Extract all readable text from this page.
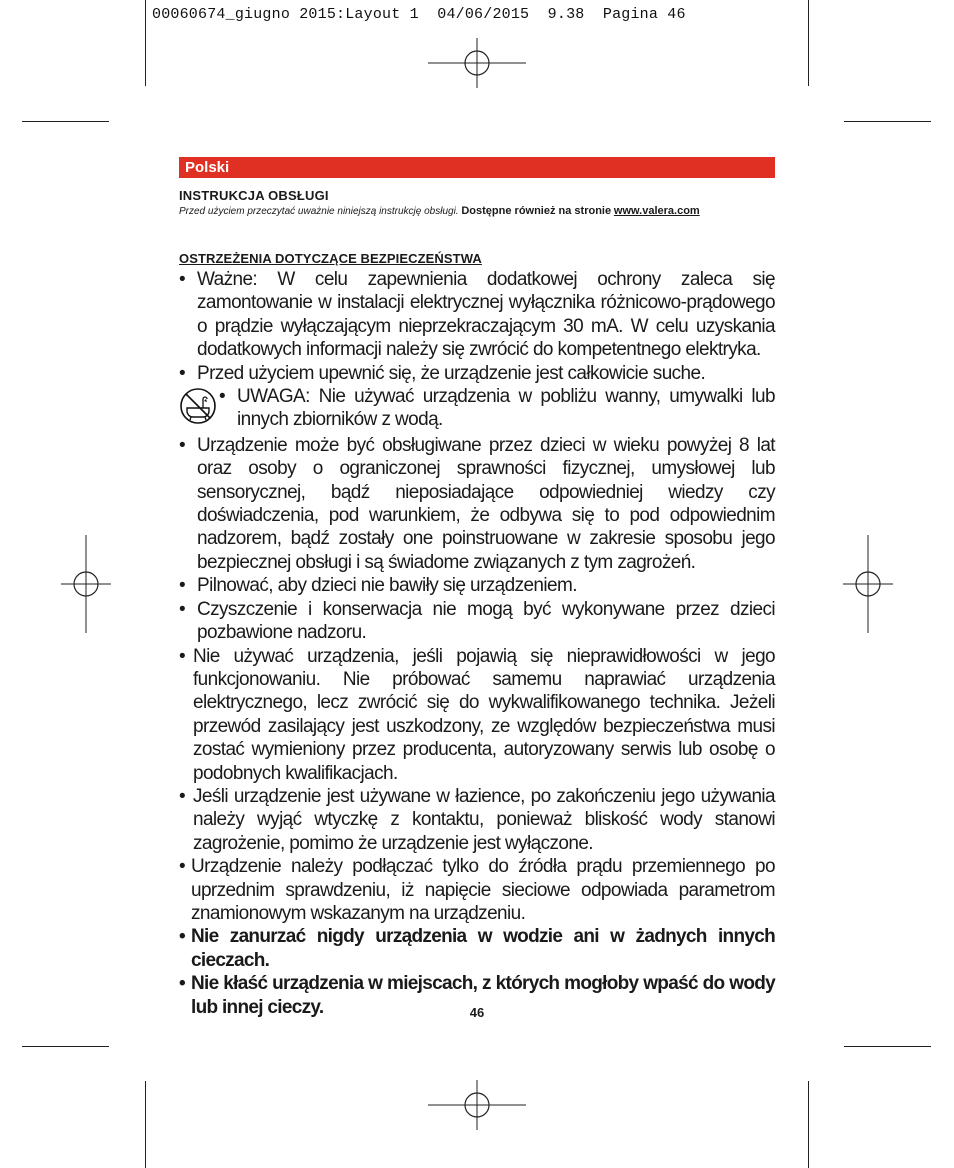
00060674_giugno 2015:Layout 1  04/06/2015  9.38  Pagina 46
Polski
INSTRUKCJA OBSŁUGI
Przed użyciem przeczytać uważnie niniejszą instrukcję obsługi. Dostępne również na stronie www.valera.com
OSTRZEŻENIA DOTYCZĄCE BEZPIECZEŃSTWA
• Ważne: W celu zapewnienia dodatkowej ochrony zaleca się zamontowanie w instalacji elektrycznej wyłącznika różnicowo-prądowego o prądzie wyłączającym nieprzekraczającym 30 mA. W celu uzyskania dodatkowych informacji należy się zwrócić do kompetentnego elektryka.
• Przed użyciem upewnić się, że urządzenie jest całkowicie suche.
• UWAGA: Nie używać urządzenia w pobliżu wanny, umywalki lub innych zbiorników z wodą.
• Urządzenie może być obsługiwane przez dzieci w wieku powyżej 8 lat oraz osoby o ograniczonej sprawności fizycznej, umysłowej lub sensorycznej, bądź nieposiadające odpowiedniej wiedzy czy doświadczenia, pod warunkiem, że odbywa się to pod odpowiednim nadzorem, bądź zostały one poinstruowane w zakresie sposobu jego bezpiecznej obsługi i są świadome związanych z tym zagrożeń.
• Pilnować, aby dzieci nie bawiły się urządzeniem.
• Czyszczenie i konserwacja nie mogą być wykonywane przez dzieci pozbawione nadzoru.
• Nie używać urządzenia, jeśli pojawią się nieprawidłowości w jego funkcjonowaniu. Nie próbować samemu naprawiać urządzenia elektrycznego, lecz zwrócić się do wykwalifikowanego technika. Jeżeli przewód zasilający jest uszkodzony, ze względów bezpieczeństwa musi zostać wymieniony przez producenta, autoryzowany serwis lub osobę o podobnych kwalifikacjach.
• Jeśli urządzenie jest używane w łazience, po zakończeniu jego używania należy wyjąć wtyczkę z kontaktu, ponieważ bliskość wody stanowi zagrożenie, pomimo że urządzenie jest wyłączone.
• Urządzenie należy podłączać tylko do źródła prądu przemiennego po uprzednim sprawdzeniu, iż napięcie sieciowe odpowiada parametrom znamionowym wskazanym na urządzeniu.
• Nie zanurzać nigdy urządzenia w wodzie ani w żadnych innych cieczach.
• Nie kłaść urządzenia w miejscach, z których mogłoby wpaść do wody lub innej cieczy.	46
